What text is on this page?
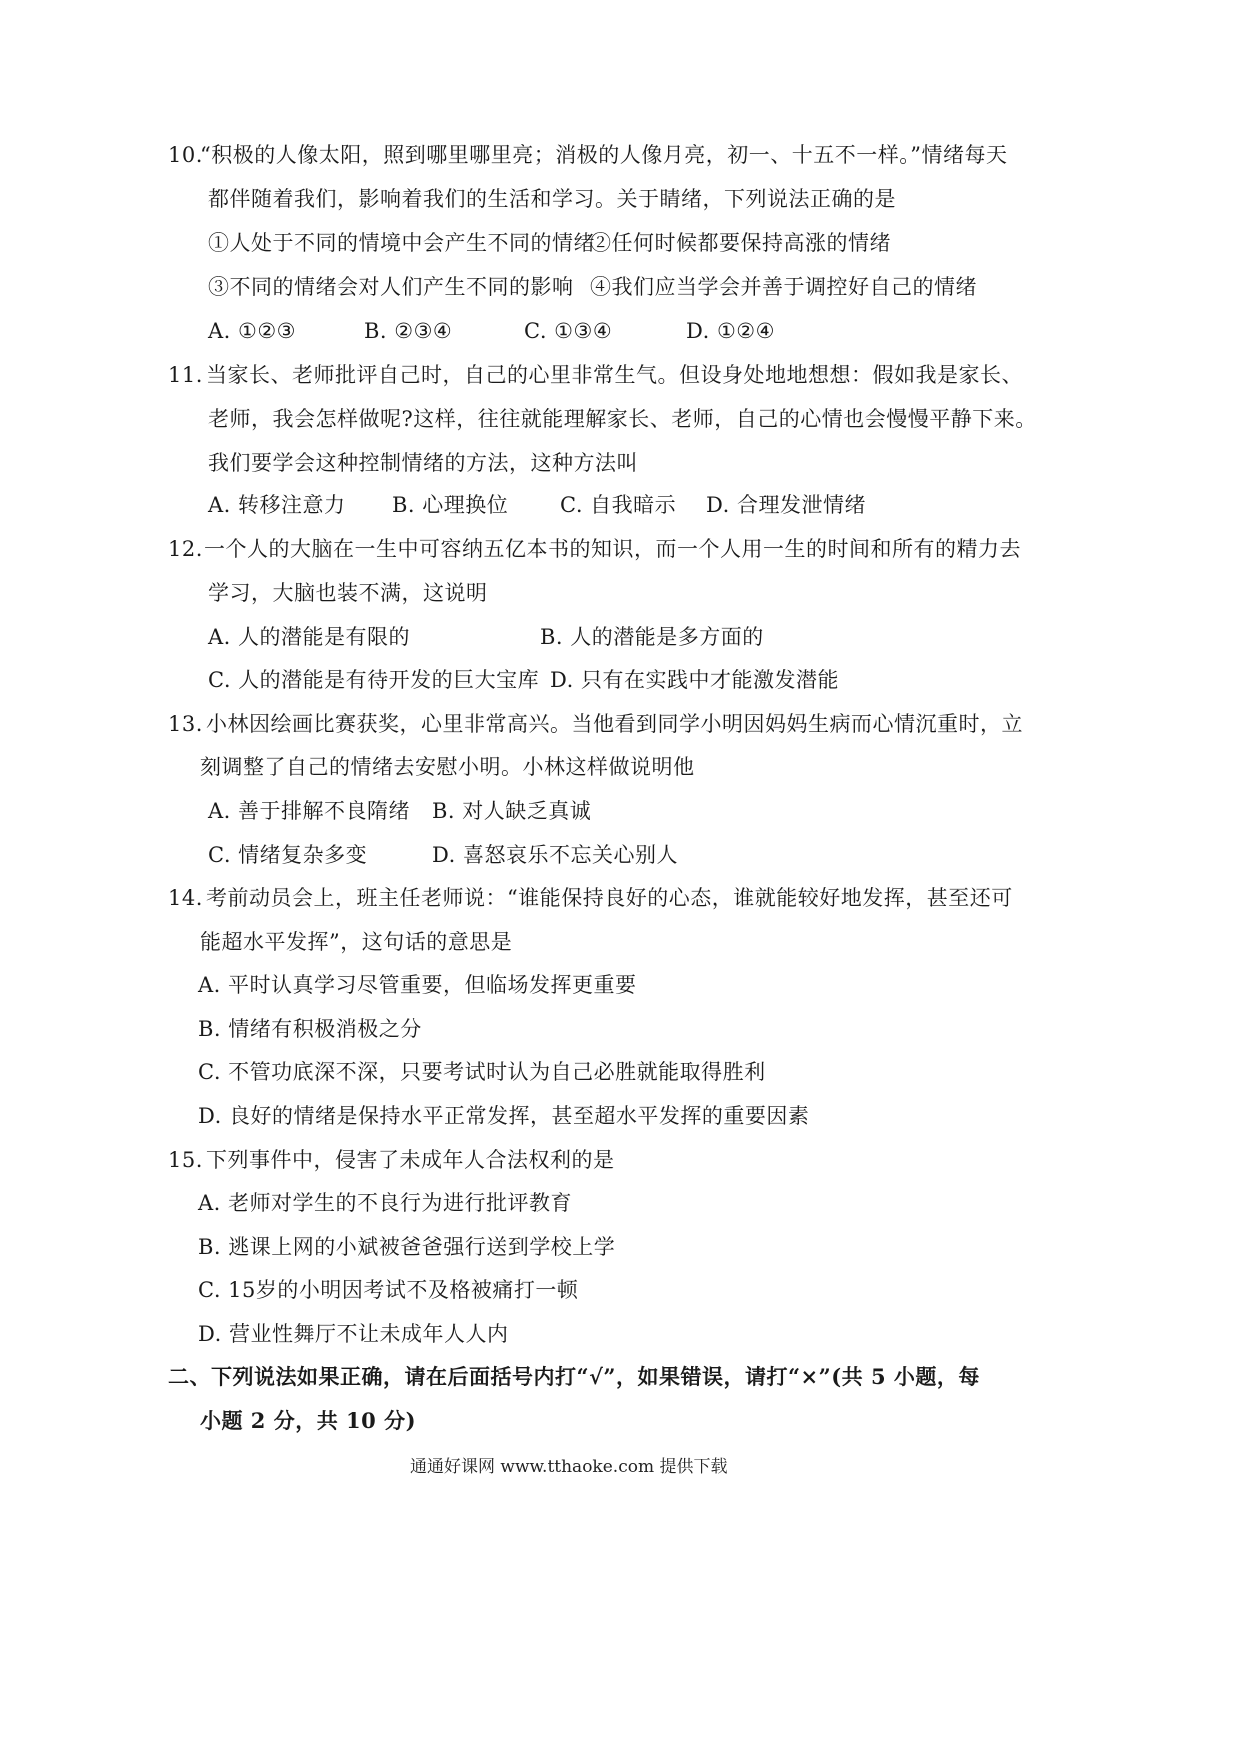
10.
“积极的人像太阳，照到哪里哪里亮；消极的人像月亮，初一、十五不一样。”情绪每天
都伴随着我们，影响着我们的生活和学习。关于睛绪，下列说法正确的是
①人处于不同的情境中会产生不同的情绪
②任何时候都要保持高涨的情绪
③不同的情绪会对人们产生不同的影响 ④我们应当学会并善于调控好自己的情绪
A. ①②③	B. ②③④	C. ①③④	D. ①②④
11. 当家长、老师批评自己时，自己的心里非常生气。但设身处地地想想：假如我是家长、
老师，我会怎样做呢?这样，往往就能理解家长、老师，自己的心情也会慢慢平静下来。
我们要学会这种控制情绪的方法，这种方法叫
A. 转移注意力 B. 心理换位 C. 自我暗示 D. 合理发泄情绪
12. 一个人的大脑在一生中可容纳五亿本书的知识，而一个人用一生的时间和所有的精力去
学习，大脑也装不满，这说明
A. 人的潜能是有限的	B. 人的潜能是多方面的
C. 人的潜能是有待开发的巨大宝库 D. 只有在实践中才能激发潜能
13. 小林因绘画比赛获奖，心里非常高兴。当他看到同学小明因妈妈生病而心情沉重时，立
刻调整了自己的情绪去安慰小明。小林这样做说明他
A. 善于排解不良隋绪 B. 对人缺乏真诚
C. 情绪复杂多变	D. 喜怒哀乐不忘关心别人
14. 考前动员会上，班主任老师说：“谁能保持良好的心态，谁就能较好地发挥，甚至还可
能超水平发挥”，这句话的意思是
A. 平时认真学习尽管重要，但临场发挥更重要
B. 情绪有积极消极之分
C. 不管功底深不深，只要考试时认为自己必胜就能取得胜利
D. 良好的情绪是保持水平正常发挥，甚至超水平发挥的重要因素
15. 下列事件中，侵害了未成年人合法权利的是
A. 老师对学生的不良行为进行批评教育
B. 逃课上网的小斌被爸爸强行送到学校上学
C. 15岁的小明因考试不及格被痛打一顿
D. 营业性舞厅不让未成年人人内
二、下列说法如果正确，请在后面括号内打“√”，如果错误，请打“×”(共 5 小题，每
小题 2 分，共 10 分)
通通好课网 www.tthaoke.com 提供下载
